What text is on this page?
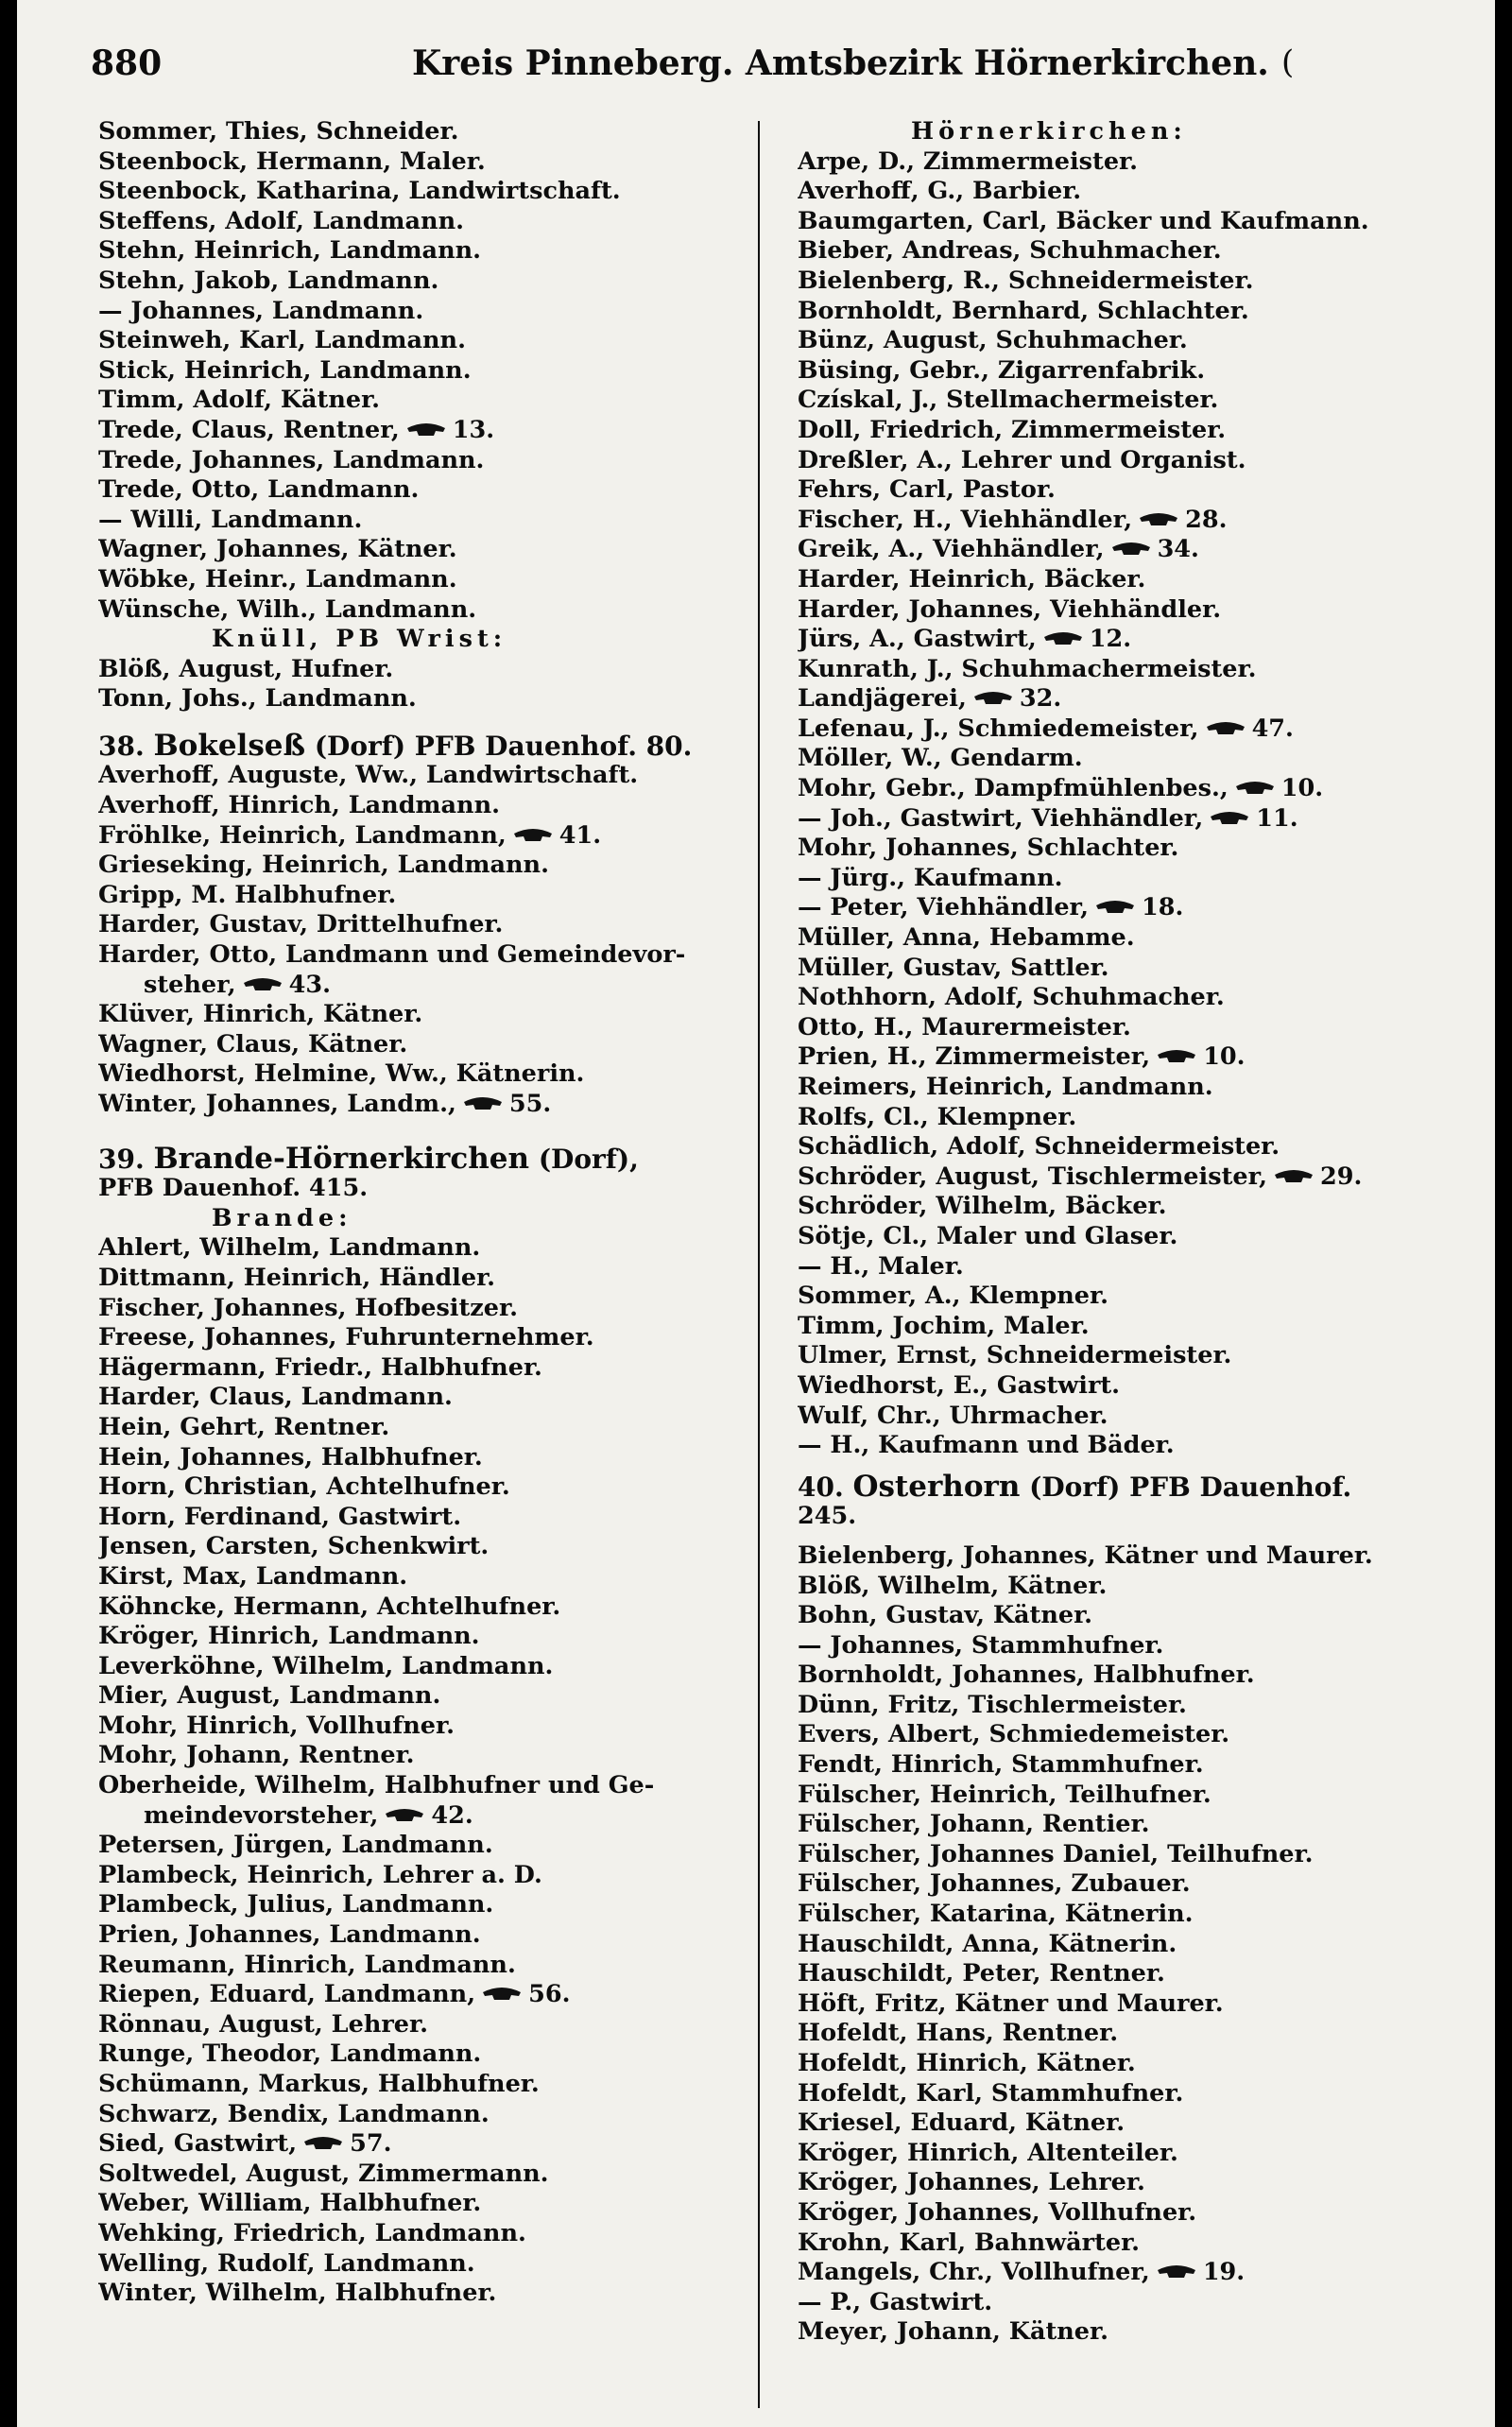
880	Kreis Pinneberg. Amtsbezirk Hörnerkirchen. (
Sommer, Thies, Schneider.
Steenbock, Hermann, Maler.
Steenbock, Katharina, Landwirtschaft.
Steffens, Adolf, Landmann.
Stehn, Heinrich, Landmann.
Stehn, Jakob, Landmann.
— Johannes, Landmann.
Steinweh, Karl, Landmann.
Stick, Heinrich, Landmann.
Timm, Adolf, Kätner.
Trede, Claus, Rentner, 13.
Trede, Johannes, Landmann.
Trede, Otto, Landmann.
— Willi, Landmann.
Wagner, Johannes, Kätner.
Wöbke, Heinr., Landmann.
Wünsche, Wilh., Landmann.
Knüll, PB Wrist:
Blöß, August, Hufner.
Tonn, Johs., Landmann.
38. Bokelseß (Dorf) PFB Dauenhof. 80.
Averhoff, Auguste, Ww., Landwirtschaft.
Averhoff, Hinrich, Landmann.
Fröhlke, Heinrich, Landmann, 41.
Grieseking, Heinrich, Landmann.
Gripp, M. Halbhufner.
Harder, Gustav, Drittelhufner.
Harder, Otto, Landmann und Gemeindevor-
steher, 43.
Klüver, Hinrich, Kätner.
Wagner, Claus, Kätner.
Wiedhorst, Helmine, Ww., Kätnerin.
Winter, Johannes, Landm., 55.
39. Brande-Hörnerkirchen (Dorf),
PFB Dauenhof. 415.
Brande:
Ahlert, Wilhelm, Landmann.
Dittmann, Heinrich, Händler.
Fischer, Johannes, Hofbesitzer.
Freese, Johannes, Fuhrunternehmer.
Hägermann, Friedr., Halbhufner.
Harder, Claus, Landmann.
Hein, Gehrt, Rentner.
Hein, Johannes, Halbhufner.
Horn, Christian, Achtelhufner.
Horn, Ferdinand, Gastwirt.
Jensen, Carsten, Schenkwirt.
Kirst, Max, Landmann.
Köhncke, Hermann, Achtelhufner.
Kröger, Hinrich, Landmann.
Leverköhne, Wilhelm, Landmann.
Mier, August, Landmann.
Mohr, Hinrich, Vollhufner.
Mohr, Johann, Rentner.
Oberheide, Wilhelm, Halbhufner und Ge-
meindevorsteher, 42.
Petersen, Jürgen, Landmann.
Plambeck, Heinrich, Lehrer a. D.
Plambeck, Julius, Landmann.
Prien, Johannes, Landmann.
Reumann, Hinrich, Landmann.
Riepen, Eduard, Landmann, 56.
Rönnau, August, Lehrer.
Runge, Theodor, Landmann.
Schümann, Markus, Halbhufner.
Schwarz, Bendix, Landmann.
Sied, Gastwirt, 57.
Soltwedel, August, Zimmermann.
Weber, William, Halbhufner.
Wehking, Friedrich, Landmann.
Welling, Rudolf, Landmann.
Winter, Wilhelm, Halbhufner.
Hörnerkirchen:
Arpe, D., Zimmermeister.
Averhoff, G., Barbier.
Baumgarten, Carl, Bäcker und Kaufmann.
Bieber, Andreas, Schuhmacher.
Bielenberg, R., Schneidermeister.
Bornholdt, Bernhard, Schlachter.
Bünz, August, Schuhmacher.
Büsing, Gebr., Zigarrenfabrik.
Czískal, J., Stellmachermeister.
Doll, Friedrich, Zimmermeister.
Dreßler, A., Lehrer und Organist.
Fehrs, Carl, Pastor.
Fischer, H., Viehhändler, 28.
Greik, A., Viehhändler, 34.
Harder, Heinrich, Bäcker.
Harder, Johannes, Viehhändler.
Jürs, A., Gastwirt, 12.
Kunrath, J., Schuhmachermeister.
Landjägerei, 32.
Lefenau, J., Schmiedemeister, 47.
Möller, W., Gendarm.
Mohr, Gebr., Dampfmühlenbes., 10.
— Joh., Gastwirt, Viehhändler, 11.
Mohr, Johannes, Schlachter.
— Jürg., Kaufmann.
— Peter, Viehhändler, 18.
Müller, Anna, Hebamme.
Müller, Gustav, Sattler.
Nothhorn, Adolf, Schuhmacher.
Otto, H., Maurermeister.
Prien, H., Zimmermeister, 10.
Reimers, Heinrich, Landmann.
Rolfs, Cl., Klempner.
Schädlich, Adolf, Schneidermeister.
Schröder, August, Tischlermeister, 29.
Schröder, Wilhelm, Bäcker.
Sötje, Cl., Maler und Glaser.
— H., Maler.
Sommer, A., Klempner.
Timm, Jochim, Maler.
Ulmer, Ernst, Schneidermeister.
Wiedhorst, E., Gastwirt.
Wulf, Chr., Uhrmacher.
— H., Kaufmann und Bäder.
40. Osterhorn (Dorf) PFB Dauenhof.
245.
Bielenberg, Johannes, Kätner und Maurer.
Blöß, Wilhelm, Kätner.
Bohn, Gustav, Kätner.
— Johannes, Stammhufner.
Bornholdt, Johannes, Halbhufner.
Dünn, Fritz, Tischlermeister.
Evers, Albert, Schmiedemeister.
Fendt, Hinrich, Stammhufner.
Fülscher, Heinrich, Teilhufner.
Fülscher, Johann, Rentier.
Fülscher, Johannes Daniel, Teilhufner.
Fülscher, Johannes, Zubauer.
Fülscher, Katarina, Kätnerin.
Hauschildt, Anna, Kätnerin.
Hauschildt, Peter, Rentner.
Höft, Fritz, Kätner und Maurer.
Hofeldt, Hans, Rentner.
Hofeldt, Hinrich, Kätner.
Hofeldt, Karl, Stammhufner.
Kriesel, Eduard, Kätner.
Kröger, Hinrich, Altenteiler.
Kröger, Johannes, Lehrer.
Kröger, Johannes, Vollhufner.
Krohn, Karl, Bahnwärter.
Mangels, Chr., Vollhufner, 19.
— P., Gastwirt.
Meyer, Johann, Kätner.
